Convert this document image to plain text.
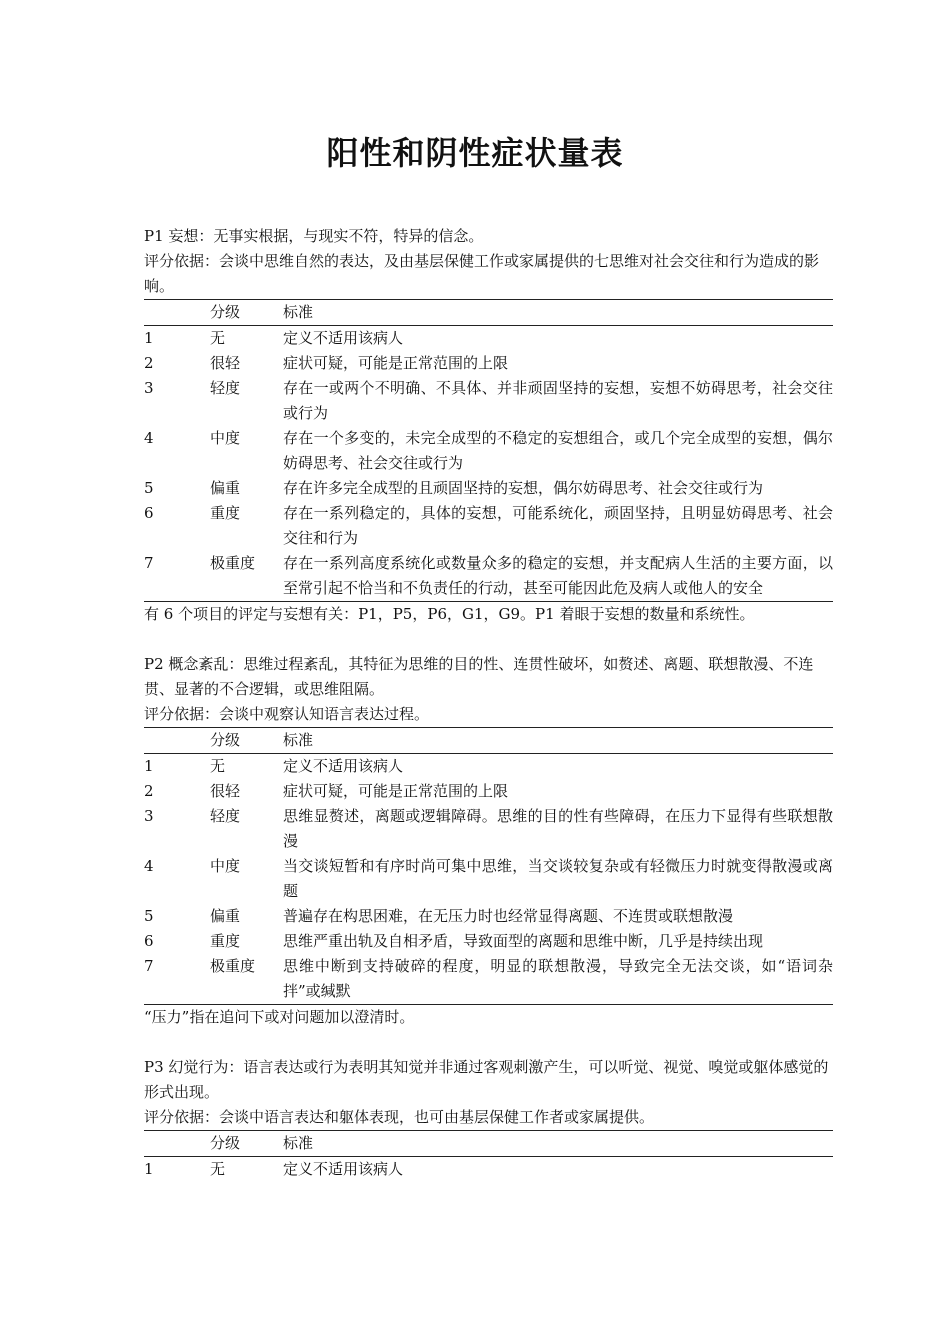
阳性和阴性症状量表

P1 妄想：无事实根据，与现实不符，特异的信念。

评分依据：会谈中思维自然的表达，及由基层保健工作或家属提供的七思维对社会交往和行为造成的影响。

	分级	标准
1	无	定义不适用该病人
2	很轻	症状可疑，可能是正常范围的上限
3	轻度	存在一或两个不明确、不具体、并非顽固坚持的妄想，妄想不妨碍思考，社会交往或行为
4	中度	存在一个多变的，未完全成型的不稳定的妄想组合，或几个完全成型的妄想，偶尔妨碍思考、社会交往或行为
5	偏重	存在许多完全成型的且顽固坚持的妄想，偶尔妨碍思考、社会交往或行为
6	重度	存在一系列稳定的，具体的妄想，可能系统化，顽固坚持，且明显妨碍思考、社会交往和行为
7	极重度	存在一系列高度系统化或数量众多的稳定的妄想，并支配病人生活的主要方面，以至常引起不恰当和不负责任的行动，甚至可能因此危及病人或他人的安全

有 6 个项目的评定与妄想有关：P1，P5，P6，G1，G9。P1 着眼于妄想的数量和系统性。

P2 概念紊乱：思维过程紊乱，其特征为思维的目的性、连贯性破坏，如赘述、离题、联想散漫、不连贯、显著的不合逻辑，或思维阻隔。

评分依据：会谈中观察认知语言表达过程。

	分级	标准
1	无	定义不适用该病人
2	很轻	症状可疑，可能是正常范围的上限
3	轻度	思维显赘述，离题或逻辑障碍。思维的目的性有些障碍，在压力下显得有些联想散漫
4	中度	当交谈短暂和有序时尚可集中思维，当交谈较复杂或有轻微压力时就变得散漫或离题
5	偏重	普遍存在构思困难，在无压力时也经常显得离题、不连贯或联想散漫
6	重度	思维严重出轨及自相矛盾，导致面型的离题和思维中断，几乎是持续出现
7	极重度	思维中断到支持破碎的程度，明显的联想散漫，导致完全无法交谈，如“语词杂拌”或缄默

“压力”指在追问下或对问题加以澄清时。

P3 幻觉行为：语言表达或行为表明其知觉并非通过客观刺激产生，可以听觉、视觉、嗅觉或躯体感觉的形式出现。

评分依据：会谈中语言表达和躯体表现，也可由基层保健工作者或家属提供。

	分级	标准
1	无	定义不适用该病人
